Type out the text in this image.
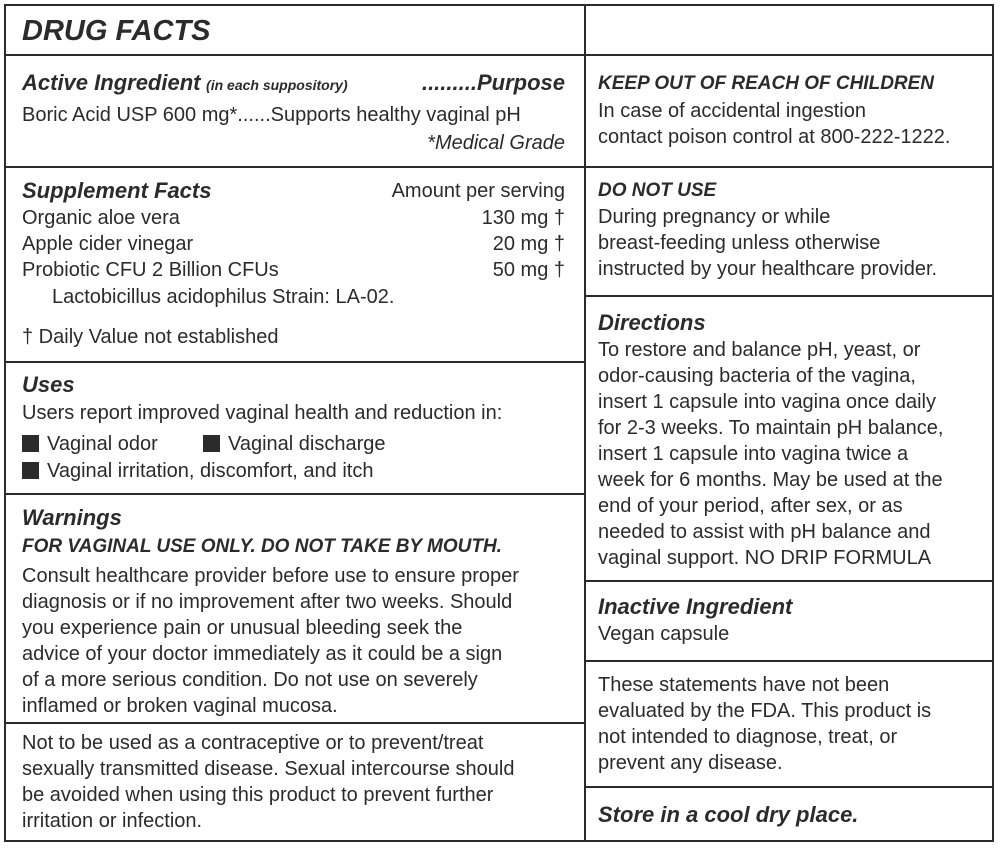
DRUG FACTS
Active Ingredient (in each suppository)	.........Purpose
Boric Acid USP 600 mg*......Supports healthy vaginal pH
*Medical Grade
Supplement Facts	Amount per serving
Organic aloe vera	130 mg †
Apple cider vinegar	20 mg †
Probiotic CFU 2 Billion CFUs	50 mg †
Lactobicillus acidophilus Strain: LA-02.
† Daily Value not established
Uses
Users report improved vaginal health and reduction in:
Vaginal odor	Vaginal discharge
Vaginal irritation, discomfort, and itch
Warnings
FOR VAGINAL USE ONLY. DO NOT TAKE BY MOUTH.
Consult healthcare provider before use to ensure proper
diagnosis or if no improvement after two weeks. Should
you experience pain or unusual bleeding seek the
advice of your doctor immediately as it could be a sign
of a more serious condition. Do not use on severely
inflamed or broken vaginal mucosa.
Not to be used as a contraceptive or to prevent/treat
sexually transmitted disease. Sexual intercourse should
be avoided when using this product to prevent further
irritation or infection.
KEEP OUT OF REACH OF CHILDREN
In case of accidental ingestion
contact poison control at 800-222-1222.
DO NOT USE
During pregnancy or while
breast-feeding unless otherwise
instructed by your healthcare provider.
Directions
To restore and balance pH, yeast, or
odor-causing bacteria of the vagina,
insert 1 capsule into vagina once daily
for 2-3 weeks. To maintain pH balance,
insert 1 capsule into vagina twice a
week for 6 months. May be used at the
end of your period, after sex, or as
needed to assist with pH balance and
vaginal support. NO DRIP FORMULA
Inactive Ingredient
Vegan capsule
These statements have not been
evaluated by the FDA. This product is
not intended to diagnose, treat, or
prevent any disease.
Store in a cool dry place.
